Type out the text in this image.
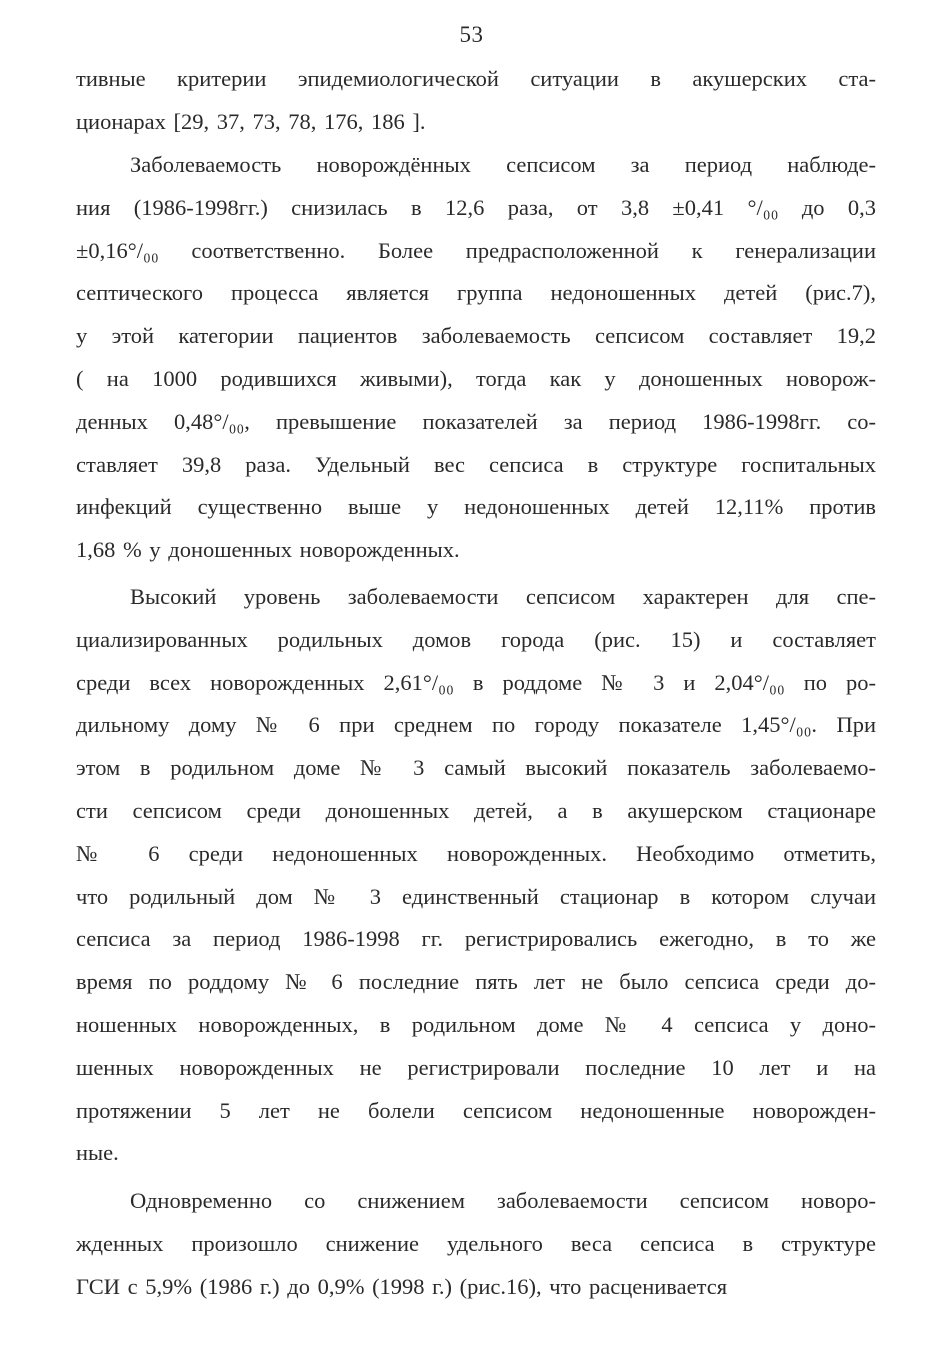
53

тивные критерии эпидемиологической ситуации в акушерских ста-
ционарах [29, 37, 73, 78, 176, 186 ].

Заболеваемость новорождённых сепсисом за период наблюде-
ния (1986-1998гг.) снизилась в 12,6 раза, от 3,8 ±0,41 °/₀₀ до 0,3
±0,16°/₀₀ соответственно. Более предрасположенной к генерализации
септического процесса является группа недоношенных детей (рис.7),
у этой категории пациентов заболеваемость сепсисом составляет 19,2
( на 1000 родившихся живыми), тогда как у доношенных новорож-
денных 0,48°/₀₀, превышение показателей за период 1986-1998гг. со-
ставляет 39,8 раза. Удельный вес сепсиса в структуре госпитальных
инфекций существенно выше у недоношенных детей 12,11% против
1,68 % у доношенных новорожденных.

Высокий уровень заболеваемости сепсисом характерен для спе-
циализированных родильных домов города (рис. 15) и составляет
среди всех новорожденных 2,61°/₀₀ в роддоме № 3 и 2,04°/₀₀ по ро-
дильному дому № 6 при среднем по городу показателе 1,45°/₀₀. При
этом в родильном доме № 3 самый высокий показатель заболеваемо-
сти сепсисом среди доношенных детей, а в акушерском стационаре
№ 6 среди недоношенных новорожденных. Необходимо отметить,
что родильный дом № 3 единственный стационар в котором случаи
сепсиса за период 1986-1998 гг. регистрировались ежегодно, в то же
время по роддому № 6 последние пять лет не было сепсиса среди до-
ношенных новорожденных, в родильном доме № 4 сепсиса у доно-
шенных новорожденных не регистрировали последние 10 лет и на
протяжении 5 лет не болели сепсисом недоношенные новорожден-
ные.

Одновременно со снижением заболеваемости сепсисом новоро-
жденных произошло снижение удельного веса сепсиса в структуре
ГСИ с 5,9% (1986 г.) до 0,9% (1998 г.) (рис.16), что расценивается
